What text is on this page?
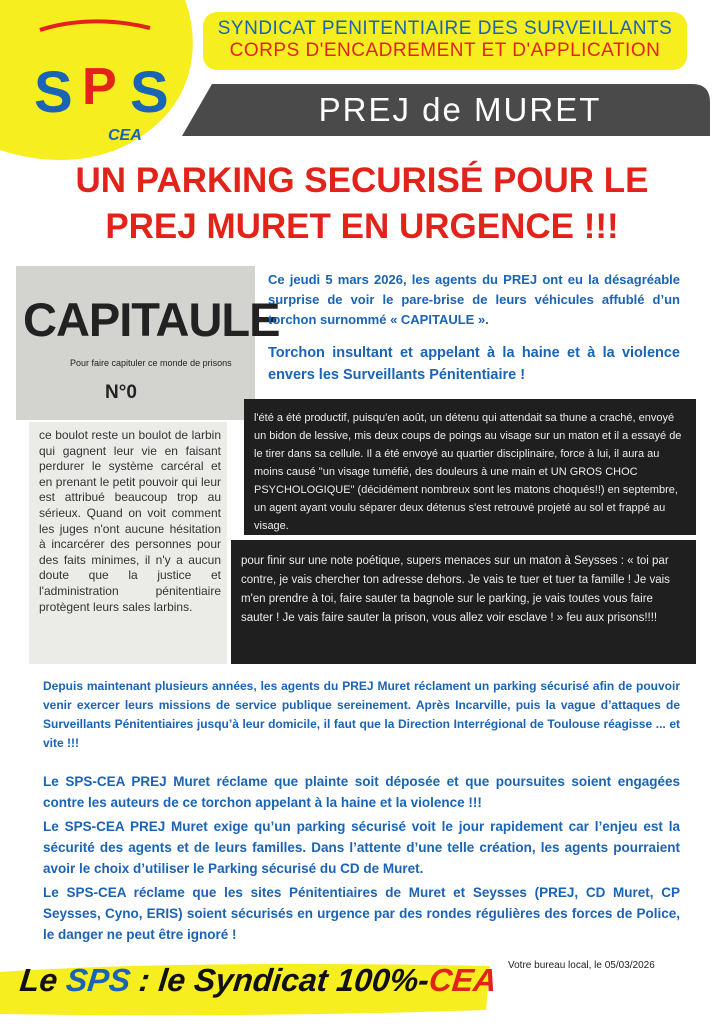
S P S
CEA
SYNDICAT PENITENTIAIRE DES SURVEILLANTS
CORPS D'ENCADREMENT ET D'APPLICATION
PREJ de MURET
UN PARKING SECURISÉ POUR LE
PREJ MURET EN URGENCE !!!
CAPITAULE
Pour faire capituler ce monde de prisons
N°0
Ce jeudi 5 mars 2026, les agents du PREJ ont eu la désagréable surprise de voir le pare-brise de leurs véhicules affublé d’un torchon surnommé « CAPITAULE ».
Torchon insultant et appelant à la haine et à la violence envers les Surveillants Pénitentiaire !
ce boulot reste un boulot de larbin qui gagnent leur vie en faisant perdurer le système carcéral et en prenant le petit pouvoir qui leur est attribué beaucoup trop au sérieux. Quand on voit comment les juges n'ont aucune hésitation à incarcérer des personnes pour des faits minimes, il n'y a aucun doute que la justice et l'administration pénitentiaire protègent leurs sales larbins.
l'été a été productif, puisqu'en août, un détenu qui attendait sa thune a craché, envoyé un bidon de lessive, mis deux coups de poings au visage sur un maton et il a essayé de le tirer dans sa cellule. Il a été envoyé au quartier disciplinaire, force à lui, il aura au moins causé "un visage tuméfié, des douleurs à une main et UN GROS CHOC PSYCHOLOGIQUE" (décidément nombreux sont les matons choqués!!) en septembre, un agent ayant voulu séparer deux détenus s'est retrouvé projeté au sol et frappé au visage.
pour finir sur une note poétique, supers menaces sur un maton à Seysses : « toi par contre, je vais chercher ton adresse dehors. Je vais te tuer et tuer ta famille ! Je vais m'en prendre à toi, faire sauter ta bagnole sur le parking, je vais toutes vous faire sauter ! Je vais faire sauter la prison, vous allez voir esclave ! » feu aux prisons!!!!
Depuis maintenant plusieurs années, les agents du PREJ Muret réclament un parking sécurisé afin de pouvoir venir exercer leurs missions de service publique sereinement. Après Incarville, puis la vague d’attaques de Surveillants Pénitentiaires jusqu’à leur domicile, il faut que la Direction Interrégional de Toulouse réagisse ... et vite !!!
Le SPS-CEA PREJ Muret réclame que plainte soit déposée et que poursuites soient engagées contre les auteurs de ce torchon appelant à la haine et la violence !!!
Le SPS-CEA PREJ Muret exige qu’un parking sécurisé voit le jour rapidement car l’enjeu est la sécurité des agents et de leurs familles. Dans l’attente d’une telle création, les agents pourraient avoir le choix d’utiliser le Parking sécurisé du CD de Muret.
Le SPS-CEA réclame que les sites Pénitentiaires de Muret et Seysses (PREJ, CD Muret, CP Seysses, Cyno, ERIS) soient sécurisés en urgence par des rondes régulières des forces de Police, le danger ne peut être ignoré !
Le SPS : le Syndicat 100%-CEA Votre bureau local, le 05/03/2026
